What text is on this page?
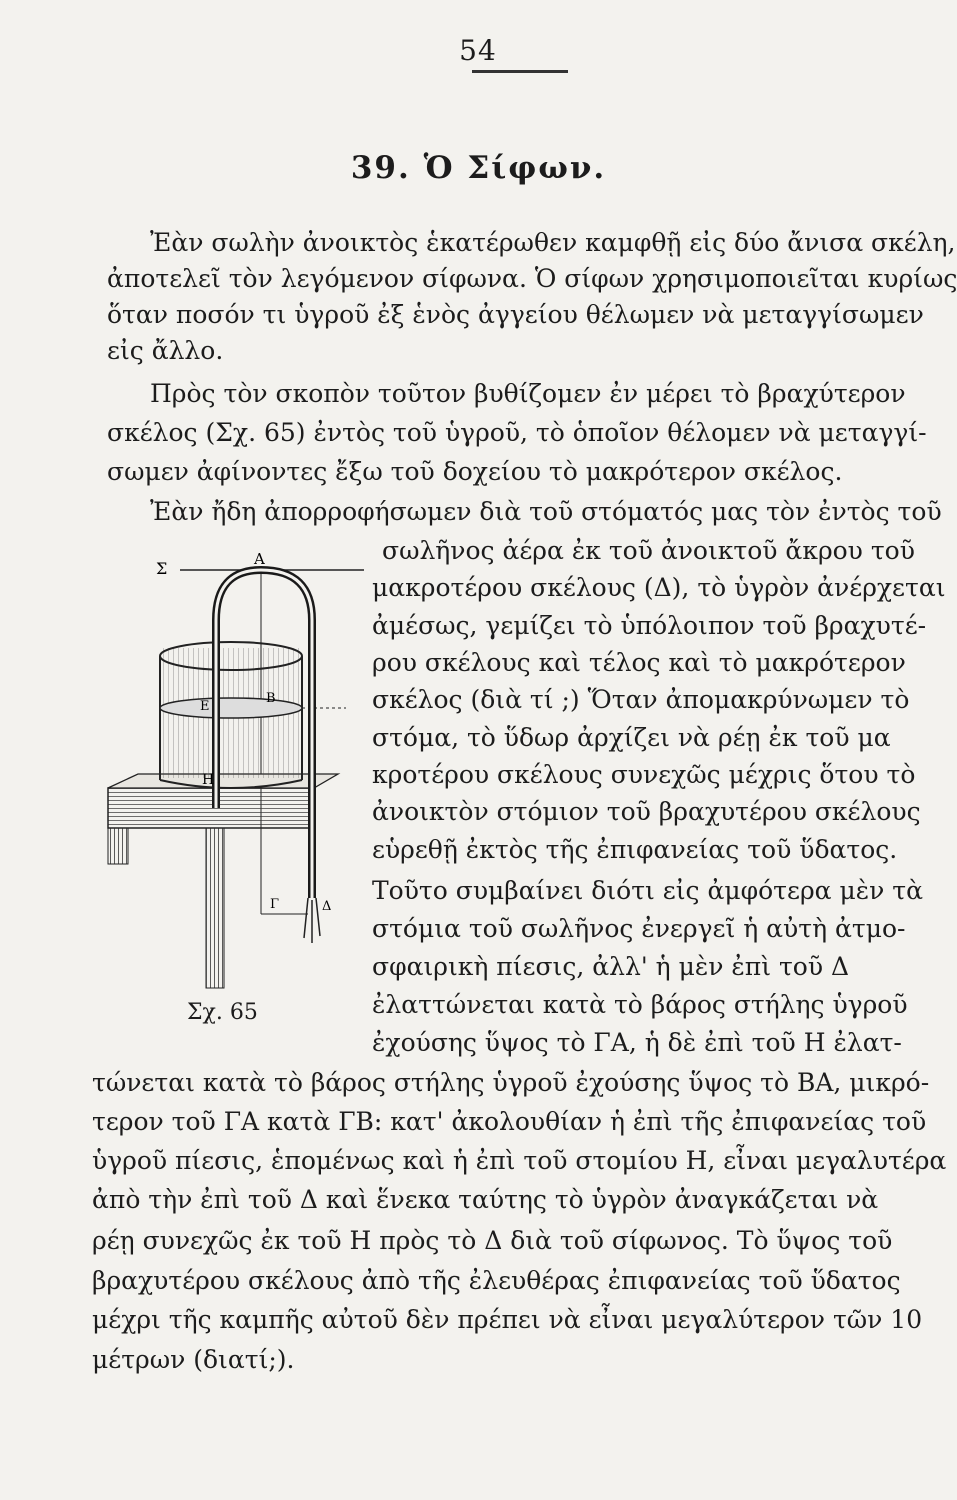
54
39. Ὁ Σίφων.
Ἐὰν σωλὴν ἀνοικτὸς ἑκατέρωθεν καμφθῇ εἰς δύο ἄνισα σκέλη,
ἀποτελεῖ τὸν λεγόμενον σίφωνα. Ὁ σίφων χρησιμοποιεῖται κυρίως
ὅταν ποσόν τι ὑγροῦ ἐξ ἑνὸς ἀγγείου θέλωμεν νὰ μεταγγίσωμεν
εἰς ἄλλο.
Πρὸς τὸν σκοπὸν τοῦτον βυθίζομεν ἐν μέρει τὸ βραχύτερον
σκέλος (Σχ. 65) ἐντὸς τοῦ ὑγροῦ, τὸ ὁποῖον θέλομεν νὰ μεταγγί-
σωμεν ἀφίνοντες ἔξω τοῦ δοχείου τὸ μακρότερον σκέλος.
Ἐὰν ἤδη ἀπορροφήσωμεν διὰ τοῦ στόματός μας τὸν ἐντὸς τοῦ
σωλῆνος ἀέρα ἐκ τοῦ ἀνοικτοῦ ἄκρου τοῦ
μακροτέρου σκέλους (Δ), τὸ ὑγρὸν ἀνέρχεται
ἀμέσως, γεμίζει τὸ ὑπόλοιπον τοῦ βραχυτέ-
ρου σκέλους καὶ τέλος καὶ τὸ μακρότερον
σκέλος (διὰ τί ;) Ὅταν ἀπομακρύνωμεν τὸ
στόμα, τὸ ὕδωρ ἀρχίζει νὰ ρέῃ ἐκ τοῦ μα
κροτέρου σκέλους συνεχῶς μέχρις ὅτου τὸ
ἀνοικτὸν στόμιον τοῦ βραχυτέρου σκέλους
εὑρεθῇ ἐκτὸς τῆς ἐπιφανείας τοῦ ὕδατος.
Τοῦτο συμβαίνει διότι εἰς ἀμφότερα μὲν τὰ
στόμια τοῦ σωλῆνος ἐνεργεῖ ἡ αὐτὴ ἀτμο-
σφαιρικὴ πίεσις, ἀλλ' ἡ μὲν ἐπὶ τοῦ Δ
ἐλαττώνεται κατὰ τὸ βάρος στήλης ὑγροῦ
ἐχούσης ὕψος τὸ ΓΑ, ἡ δὲ ἐπὶ τοῦ Η ἐλατ-
τώνεται κατὰ τὸ βάρος στήλης ὑγροῦ ἐχούσης ὕψος τὸ ΒΑ, μικρό-
τερον τοῦ ΓΑ κατὰ ΓΒ: κατ' ἀκολουθίαν ἡ ἐπὶ τῆς ἐπιφανείας τοῦ
ὑγροῦ πίεσις, ἑπομένως καὶ ἡ ἐπὶ τοῦ στομίου Η, εἶναι μεγαλυτέρα
ἀπὸ τὴν ἐπὶ τοῦ Δ καὶ ἕνεκα ταύτης τὸ ὑγρὸν ἀναγκάζεται νὰ
ρέῃ συνεχῶς ἐκ τοῦ Η πρὸς τὸ Δ διὰ τοῦ σίφωνος. Τὸ ὕψος τοῦ
βραχυτέρου σκέλους ἀπὸ τῆς ἐλευθέρας ἐπιφανείας τοῦ ὕδατος
μέχρι τῆς καμπῆς αὐτοῦ δὲν πρέπει νὰ εἶναι μεγαλύτερον τῶν 10
μέτρων (διατί;).
Σ	Α
Β
Ε
Η
Γ	Δ
Σχ. 65
